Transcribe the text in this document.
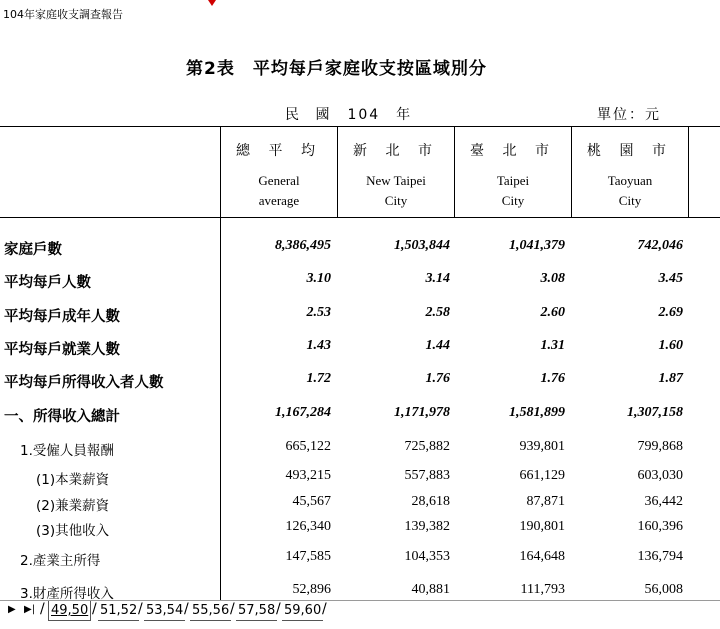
104年家庭收支調查報告
第2表　平均每戶家庭收支按區域別分
民 國　104　年	單位：元
總 平 均
General
average
新 北 市
New Taipei
City
臺 北 市
Taipei
City
桃 園 市
Taoyuan
City
家庭戶數	8,386,495	1,503,844	1,041,379	742,046
平均每戶人數	3.10	3.14	3.08	3.45
平均每戶成年人數	2.53	2.58	2.60	2.69
平均每戶就業人數	1.43	1.44	1.31	1.60
平均每戶所得收入者人數	1.72	1.76	1.76	1.87
一、所得收入總計	1,167,284	1,171,978	1,581,899	1,307,158
1.受僱人員報酬	665,122	725,882	939,801	799,868
(1)本業薪資	493,215	557,883	661,129	603,030
(2)兼業薪資	45,567	28,618	87,871	36,442
(3)其他收入	126,340	139,382	190,801	160,396
2.產業主所得	147,585	104,353	164,648	136,794
3.財產所得收入	52,896	40,881	111,793	56,008
▶ ▶| / 49,50 / 51,52 / 53,54 / 55,56 / 57,58 / 59,60 /
